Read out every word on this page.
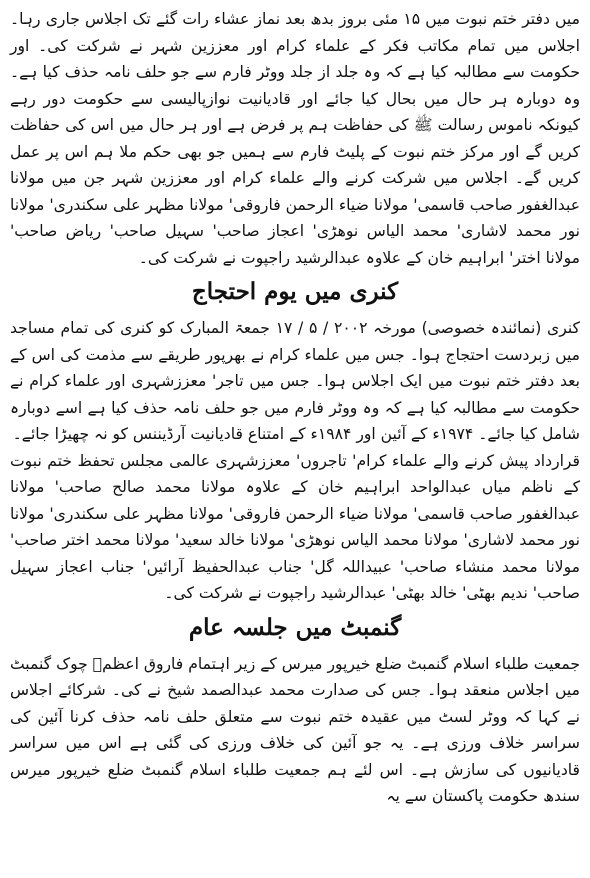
میں دفتر ختم نبوت میں ۱۵ مئی بروز بدھ بعد نماز عشاء رات گئے تک اجلاس جاری رہا۔ اجلاس میں تمام مکاتب فکر کے علماء کرام اور معززین شہر نے شرکت کی۔ اور حکومت سے مطالبہ کیا ہے کہ وہ جلد از جلد ووٹر فارم سے جو حلف نامہ حذف کیا ہے۔ وہ دوبارہ ہر حال میں بحال کیا جائے اور قادیانیت نوازپالیسی سے حکومت دور رہے کیونکہ ناموس رسالت ﷺ کی حفاظت ہم پر فرض ہے اور ہر حال میں اس کی حفاظت کریں گے اور مرکز ختم نبوت کے پلیٹ فارم سے ہمیں جو بھی حکم ملا ہم اس پر عمل کریں گے۔ اجلاس میں شرکت کرنے والے علماء کرام اور معززین شہر جن میں مولانا عبدالغفور صاحب قاسمی' مولانا ضیاء الرحمن فاروقی' مولانا مظہر علی سکندری' مولانا نور محمد لاشاری' محمد الیاس نوھڑی' اعجاز صاحب' سہیل صاحب' ریاض صاحب' مولانا اختر' ابراہیم خان کے علاوہ عبدالرشید راجپوت نے شرکت کی۔

کنری میں یوم احتجاج

کنری (نمائندہ خصوصی) مورخہ ۲۰۰۲ / ۵ / ۱۷ جمعۃ المبارک کو کنری کی تمام مساجد میں زبردست احتجاج ہوا۔ جس میں علماء کرام نے بھرپور طریقے سے مذمت کی اس کے بعد دفتر ختم نبوت میں ایک اجلاس ہوا۔ جس میں تاجر' معززشہری اور علماء کرام نے حکومت سے مطالبہ کیا ہے کہ وہ ووٹر فارم میں جو حلف نامہ حذف کیا ہے اسے دوبارہ شامل کیا جائے۔ ۱۹۷۴ء کے آئین اور ۱۹۸۴ء کے امتناع قادیانیت آرڈیننس کو نہ چھیڑا جائے۔

قرارداد پیش کرنے والے علماء کرام' تاجروں' معززشہری عالمی مجلس تحفظ ختم نبوت کے ناظم میاں عبدالواحد ابراہیم خان کے علاوہ مولانا محمد صالح صاحب' مولانا عبدالغفور صاحب قاسمی' مولانا ضیاء الرحمن فاروقی' مولانا مظہر علی سکندری' مولانا نور محمد لاشاری' مولانا محمد الیاس نوھڑی' مولانا خالد سعید' مولانا محمد اختر صاحب' مولانا محمد منشاء صاحب' عبیداللہ گل' جناب عبدالحفیظ آرائیں' جناب اعجاز سہیل صاحب' ندیم بھٹی' خالد بھٹی' عبدالرشید راجپوت نے شرکت کی۔

گنمبٹ میں جلسہ عام

جمعیت طلباء اسلام گنمبٹ ضلع خیرپور میرس کے زیر اہتمام فاروق اعظمؓ چوک گنمبٹ میں اجلاس منعقد ہوا۔ جس کی صدارت محمد عبدالصمد شیخ نے کی۔ شرکائے اجلاس نے کہا کہ ووٹر لسٹ میں عقیدہ ختم نبوت سے متعلق حلف نامہ حذف کرنا آئین کی سراسر خلاف ورزی ہے۔ یہ جو آئین کی خلاف ورزی کی گئی ہے اس میں سراسر قادیانیوں کی سازش ہے۔ اس لئے ہم جمعیت طلباء اسلام گنمبٹ ضلع خیرپور میرس سندھ حکومت پاکستان سے یہ
